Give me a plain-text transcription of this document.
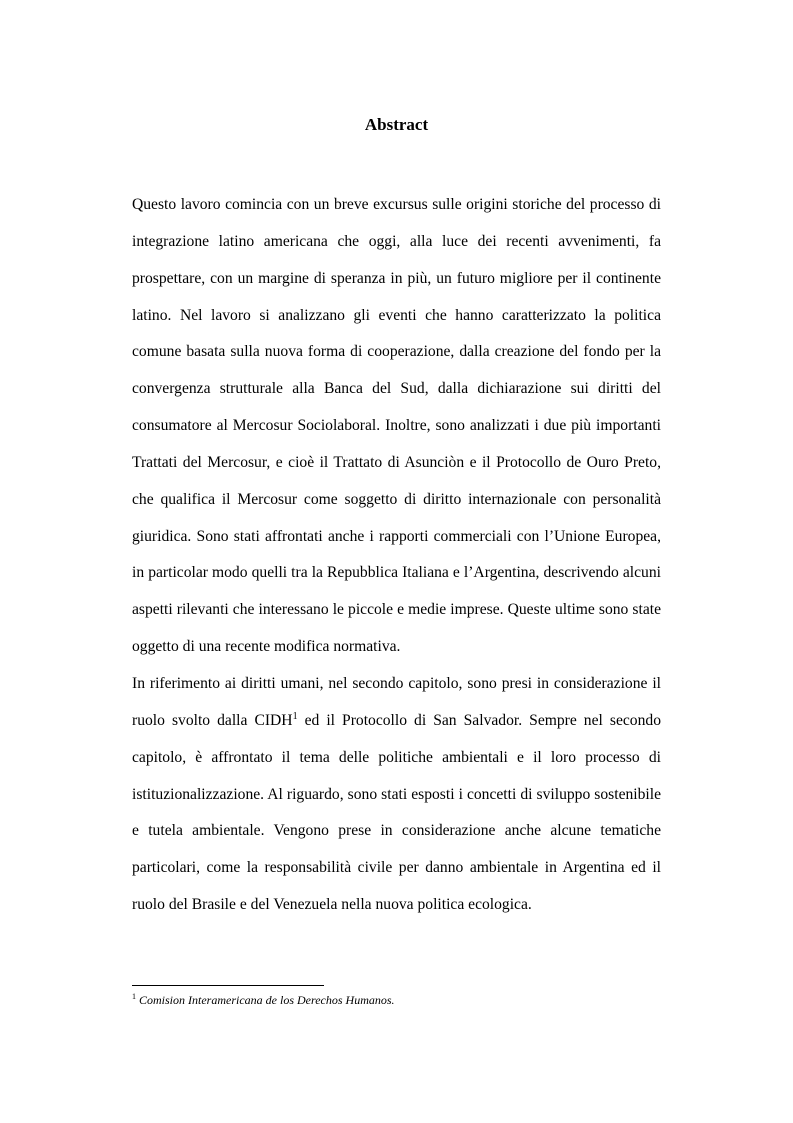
Abstract

Questo lavoro comincia con un breve excursus sulle origini storiche del processo di integrazione latino americana che oggi, alla luce dei recenti avvenimenti, fa prospettare, con un margine di speranza in più, un futuro migliore per il continente latino. Nel lavoro si analizzano gli eventi che hanno caratterizzato la politica comune basata sulla nuova forma di cooperazione, dalla creazione del fondo per la convergenza strutturale alla Banca del Sud, dalla dichiarazione sui diritti del consumatore al Mercosur Sociolaboral. Inoltre, sono analizzati i due più importanti Trattati del Mercosur, e cioè il Trattato di Asunciòn e il Protocollo de Ouro Preto, che qualifica il Mercosur come soggetto di diritto internazionale con personalità giuridica. Sono stati affrontati anche i rapporti commerciali con l’Unione Europea, in particolar modo quelli tra la Repubblica Italiana e l’Argentina, descrivendo alcuni aspetti rilevanti che interessano le piccole e medie imprese. Queste ultime sono state oggetto di una recente modifica normativa.

In riferimento ai diritti umani, nel secondo capitolo, sono presi in considerazione il ruolo svolto dalla CIDH$^1$ ed il Protocollo di San Salvador. Sempre nel secondo capitolo, è affrontato il tema delle politiche ambientali e il loro processo di istituzionalizzazione. Al riguardo, sono stati esposti i concetti di sviluppo sostenibile e tutela ambientale. Vengono prese in considerazione anche alcune tematiche particolari, come la responsabilità civile per danno ambientale in Argentina ed il ruolo del Brasile e del Venezuela nella nuova politica ecologica.

$^1$ Comision Interamericana de los Derechos Humanos.
